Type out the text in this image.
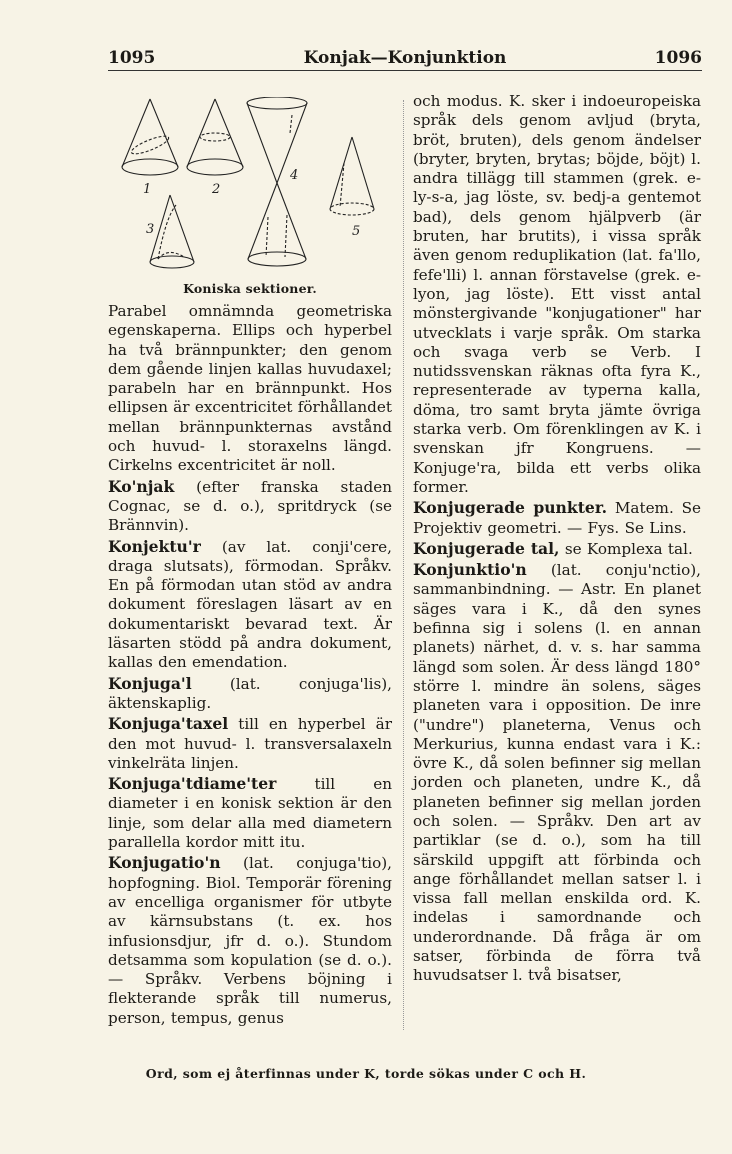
1095	Konjak—Konjunktion	1096
1	2
3
4
5
Koniska sektioner.

Parabel omnämnda geometriska egenskaperna. Ellips och hyperbel ha två brännpunkter; den genom dem gående linjen kallas huvudaxel; parabeln har en brännpunkt. Hos ellipsen är excentricitet förhållandet mellan brännpunkternas avstånd och huvud- l. storaxelns längd. Cirkelns excentricitet är noll.

Ko'njak (efter franska staden Cognac, se d. o.), spritdryck (se Brännvin).

Konjektu'r (av lat. conji'cere, draga slutsats), förmodan. Språkv. En på förmodan utan stöd av andra dokument föreslagen läsart av en dokumentariskt bevarad text. Är läsarten stödd på andra dokument, kallas den emendation.

Konjuga'l (lat. conjuga'lis), äktenskaplig.

Konjuga'taxel till en hyperbel är den mot huvud- l. transversalaxeln vinkelräta linjen.

Konjuga'tdiame'ter till en diameter i en konisk sektion är den linje, som delar alla med diametern parallella kordor mitt itu.

Konjugatio'n (lat. conjuga'tio), hopfogning. Biol. Temporär förening av encelliga organismer för utbyte av kärnsubstans (t. ex. hos infusionsdjur, jfr d. o.). Stundom detsamma som kopulation (se d. o.). — Språkv. Verbens böjning i flekterande språk till numerus, person, tempus, genus

och modus. K. sker i indoeuropeiska språk dels genom avljud (bryta, bröt, bruten), dels genom ändelser (bryter, bryten, brytas; böjde, böjt) l. andra tillägg till stammen (grek. e-ly-s-a, jag löste, sv. bedj-a gentemot bad), dels genom hjälpverb (är bruten, har brutits), i vissa språk även genom reduplikation (lat. fa'llo, fefe'lli) l. annan förstavelse (grek. e-lyon, jag löste). Ett visst antal mönstergivande "konjugationer" har utvecklats i varje språk. Om starka och svaga verb se Verb. I nutidssvenskan räknas ofta fyra K., representerade av typerna kalla, döma, tro samt bryta jämte övriga starka verb. Om förenklingen av K. i svenskan jfr Kongruens. — Konjuge'ra, bilda ett verbs olika former.

Konjugerade punkter. Matem. Se Projektiv geometri. — Fys. Se Lins.

Konjugerade tal, se Komplexa tal.

Konjunktio'n (lat. conju'nctio), sammanbindning. — Astr. En planet säges vara i K., då den synes befinna sig i solens (l. en annan planets) närhet, d. v. s. har samma längd som solen. Är dess längd 180° större l. mindre än solens, säges planeten vara i opposition. De inre ("undre") planeterna, Venus och Merkurius, kunna endast vara i K.: övre K., då solen befinner sig mellan jorden och planeten, undre K., då planeten befinner sig mellan jorden och solen. — Språkv. Den art av partiklar (se d. o.), som ha till särskild uppgift att förbinda och ange förhållandet mellan satser l. i vissa fall mellan enskilda ord. K. indelas i samordnande och underordnande. Då fråga är om satser, förbinda de förra två huvudsatser l. två bisatser,

Ord, som ej återfinnas under K, torde sökas under C och H.
